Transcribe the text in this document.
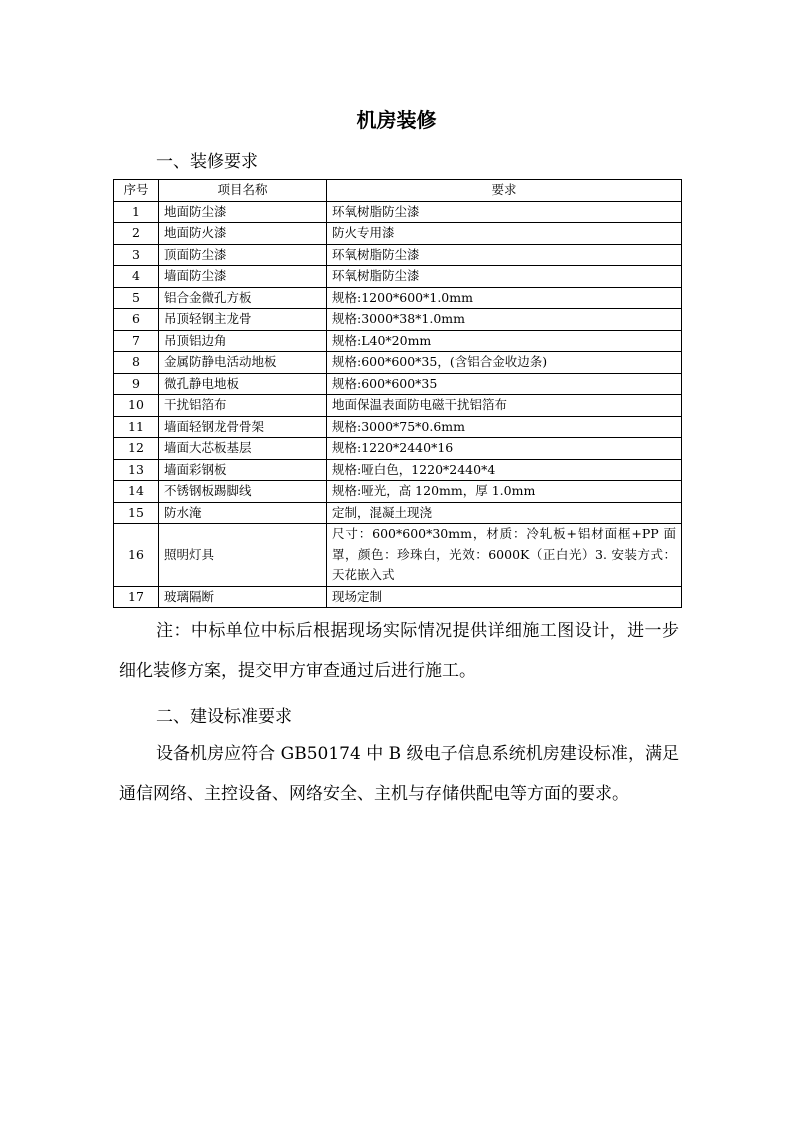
机房装修
一、装修要求
序号	项目名称	要求
1	地面防尘漆	环氧树脂防尘漆
2	地面防火漆	防火专用漆
3	顶面防尘漆	环氧树脂防尘漆
4	墙面防尘漆	环氧树脂防尘漆
5	铝合金微孔方板	规格:1200*600*1.0mm
6	吊顶轻钢主龙骨	规格:3000*38*1.0mm
7	吊顶铝边角	规格:L40*20mm
8	金属防静电活动地板	规格:600*600*35，(含铝合金收边条)
9	微孔静电地板	规格:600*600*35
10	干扰铝箔布	地面保温表面防电磁干扰铝箔布
11	墙面轻钢龙骨骨架	规格:3000*75*0.6mm
12	墙面大芯板基层	规格:1220*2440*16
13	墙面彩钢板	规格:哑白色，1220*2440*4
14	不锈钢板踢脚线	规格:哑光，高 120mm，厚 1.0mm
15	防水淹	定制，混凝土现浇
16	照明灯具	尺寸：600*600*30mm，材质：冷轧板+铝材面框+PP 面罩，颜色：珍珠白，光效：6000K（正白光）3. 安装方式：天花嵌入式
17	玻璃隔断	现场定制
注：中标单位中标后根据现场实际情况提供详细施工图设计，进一步细化装修方案，提交甲方审查通过后进行施工。
二、建设标准要求
设备机房应符合 GB50174 中 B 级电子信息系统机房建设标准，满足通信网络、主控设备、网络安全、主机与存储供配电等方面的要求。
